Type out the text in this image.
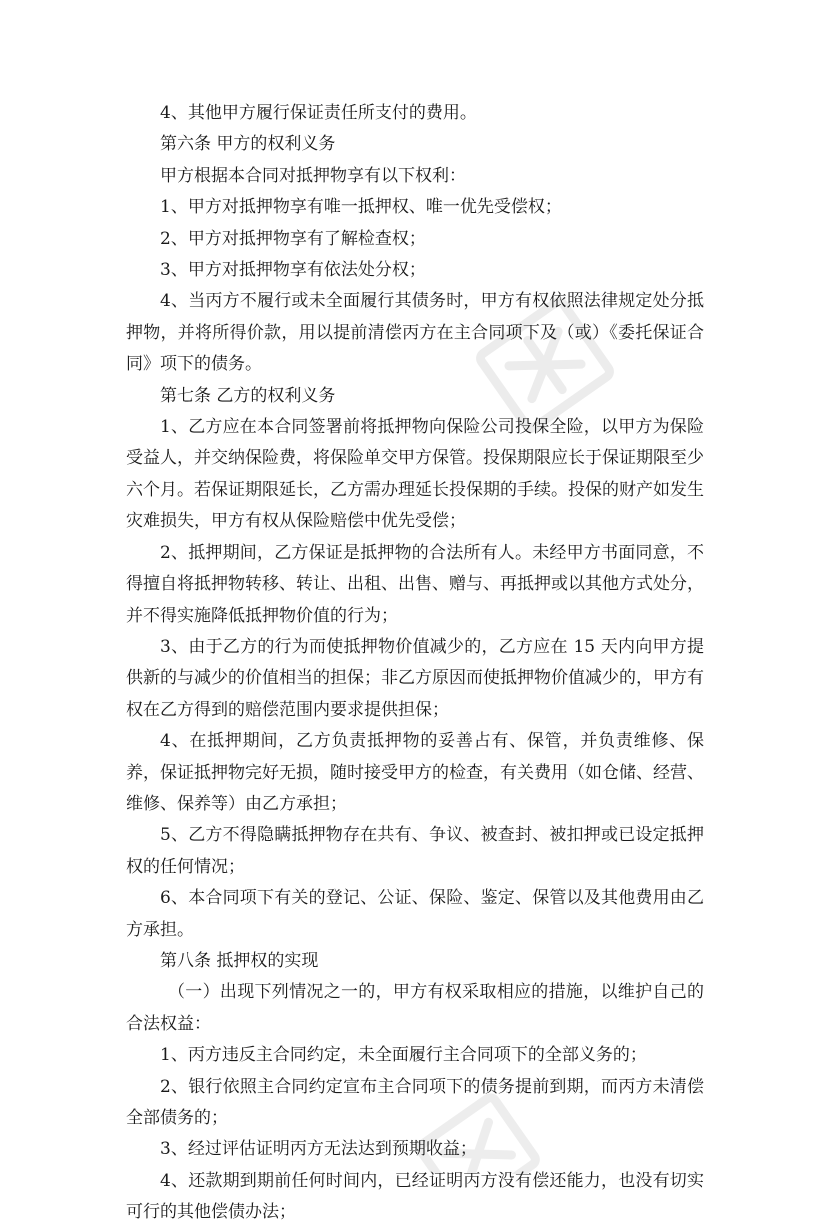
4、其他甲方履行保证责任所支付的费用。

第六条 甲方的权利义务

甲方根据本合同对抵押物享有以下权利：

1、甲方对抵押物享有唯一抵押权、唯一优先受偿权；

2、甲方对抵押物享有了解检查权；

3、甲方对抵押物享有依法处分权；

4、当丙方不履行或未全面履行其债务时，甲方有权依照法律规定处分抵押物，并将所得价款，用以提前清偿丙方在主合同项下及（或）《委托保证合同》项下的债务。

第七条 乙方的权利义务

1、乙方应在本合同签署前将抵押物向保险公司投保全险，以甲方为保险受益人，并交纳保险费，将保险单交甲方保管。投保期限应长于保证期限至少六个月。若保证期限延长，乙方需办理延长投保期的手续。投保的财产如发生灾难损失，甲方有权从保险赔偿中优先受偿；

2、抵押期间，乙方保证是抵押物的合法所有人。未经甲方书面同意，不得擅自将抵押物转移、转让、出租、出售、赠与、再抵押或以其他方式处分，并不得实施降低抵押物价值的行为；

3、由于乙方的行为而使抵押物价值减少的，乙方应在 15 天内向甲方提供新的与减少的价值相当的担保；非乙方原因而使抵押物价值减少的，甲方有权在乙方得到的赔偿范围内要求提供担保；

4、在抵押期间，乙方负责抵押物的妥善占有、保管，并负责维修、保养，保证抵押物完好无损，随时接受甲方的检查，有关费用（如仓储、经营、维修、保养等）由乙方承担；

5、乙方不得隐瞒抵押物存在共有、争议、被查封、被扣押或已设定抵押权的任何情况；

6、本合同项下有关的登记、公证、保险、鉴定、保管以及其他费用由乙方承担。

第八条 抵押权的实现

（一）出现下列情况之一的，甲方有权采取相应的措施，以维护自己的合法权益：

1、丙方违反主合同约定，未全面履行主合同项下的全部义务的；

2、银行依照主合同约定宣布主合同项下的债务提前到期，而丙方未清偿全部债务的；

3、经过评估证明丙方无法达到预期收益；

4、还款期到期前任何时间内，已经证明丙方没有偿还能力，也没有切实可行的其他偿债办法；
